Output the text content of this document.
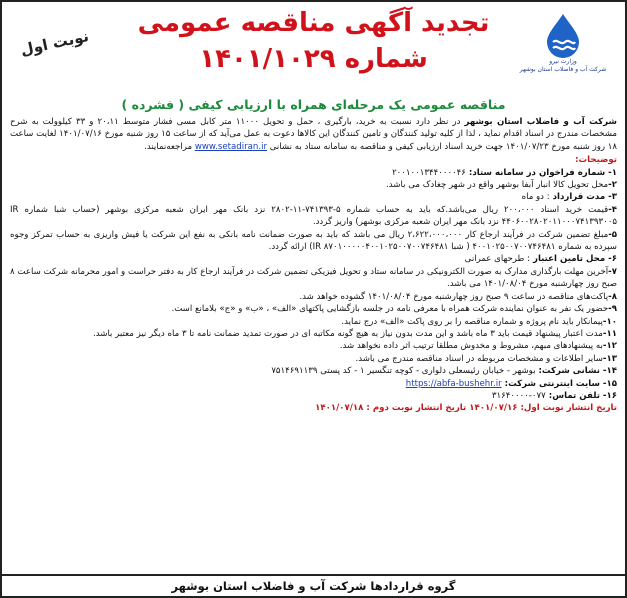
وزارت نیرو
شرکت آب و فاضلاب استان بوشهر
تجدید آگهی مناقصه عمومی
شماره ۱۴۰۱/۱۰۲۹
نوبت اول
مناقصه عمومی یک مرحله‌ای همراه با ارزیابی کیفی ( فشرده )
شرکت آب و فاضلاب استان بوشهر در نظر دارد نسبت به خرید، بارگیری ، حمل و تحویل ۱۱۰۰۰ متر کابل مسی فشار متوسط ۲۰،۱۱ و ۳۳ کیلوولت به شرح مشخصات مندرج در اسناد اقدام نماید ، لذا از کلیه تولید کنندگان و تامین کنندگان این کالاها دعوت به عمل می‌آید که از ساعت ۱۵ روز شنبه مورخ ۱۴۰۱/۰۷/۱۶ لغایت ساعت ۱۸ روز شنبه مورخ ۱۴۰۱/۰۷/۲۳ جهت خرید اسناد ارزیابی کیفی و مناقصه به سامانه ستاد به نشانی www.setadiran.ir مراجعه‌نمایند.
توضیحات:
۱- شماره فراخوان در سامانه ستاد: ۲۰۰۱۰۰۱۳۴۴۰۰۰۰۴۶
۲-محل تحویل کالا انبار آبفا بوشهر واقع در شهر چغادک می باشد.
۳- مدت قرارداد : دو ماه
۴-قیمت خرید اسناد ۲۰۰،۰۰۰ ریال می‌باشد.که باید به حساب شماره ۵-۷۴۱۳۹۳-۱۱-۲۸۰۲ نزد بانک مهر ایران شعبه مرکزی بوشهر (حساب شبا شماره IR ۴۴۰۶۰۰۲۸۰۲۰۱۱۰۰۰۷۴۱۳۹۳۰۰۵ نزد بانک مهر ایران شعبه مرکزی بوشهر) واریز گردد.
۵-مبلغ تضمین شرکت در فرآیند ارجاع کار ۲،۶۲۲،۰۰۰،۰۰۰ ریال می باشد که باید به صورت ضمانت نامه بانکی به نفع این شرکت یا فیش واریزی به حساب تمرکز وجوه سپرده به شماره ۴۰۰۱۰۲۵۰۰۷۰۰۷۴۶۴۸۱ ( شبا IR ۸۷۰۱۰۰۰۰۰۴۰۰۱۰۲۵۰۰۷۰۰۷۴۶۴۸۱) ارائه گردد.
۶- محل تامین اعتبار : طرحهای عمرانی
۷-آخرین مهلت بارگذاری مدارک به صورت الکترونیکی در سامانه ستاد و تحویل فیزیکی تضمین شرکت در فرآیند ارجاع کار به دفتر حراست و امور محرمانه شرکت ساعت ۸ صبح روز چهارشنبه مورخ ۱۴۰۱/۰۸/۰۴ می باشد.
۸-پاکت‌های مناقصه در ساعت ۹ صبح روز چهارشنبه مورخ ۱۴۰۱/۰۸/۰۴ گشوده خواهد شد.
۹-حضور یک نفر به عنوان نماینده شرکت همراه با معرفی نامه در جلسه بازگشایی پاکتهای «الف» ، «ب» و «ج» بلامانع است.
۱۰-پیمانکار باید نام پروژه و شماره مناقصه را بر روی پاکت «الف» درج نماید.
۱۱-مدت اعتبار پیشنهاد قیمت باید ۳ ماه باشد و این مدت بدون نیاز به هیچ گونه مکاتبه ای در صورت تمدید ضمانت نامه تا ۳ ماه دیگر نیز معتبر باشد.
۱۲-به پیشنهادهای مبهم، مشروط و مخدوش مطلقا ترتیب اثر داده نخواهد شد.
۱۳-سایر اطلاعات و مشخصات مربوطه در اسناد مناقصه مندرج می باشد.
۱۴- نشانی شرکت: بوشهر - خیابان رئیسعلی دلواری - کوچه تنگسیر ۱ - کد پستی ۷۵۱۴۶۹۱۱۳۹
۱۵- سایت اینترنتی شرکت: https://abfa-bushehr.ir
۱۶- تلفن تماس: ۰۷۷-۳۱۶۴۰۰۰۰
تاریخ انتشار نوبت اول: ۱۴۰۱/۰۷/۱۶ تاریخ انتشار نوبت دوم : ۱۴۰۱/۰۷/۱۸
گروه قراردادها شرکت آب و فاضلاب استان بوشهر
